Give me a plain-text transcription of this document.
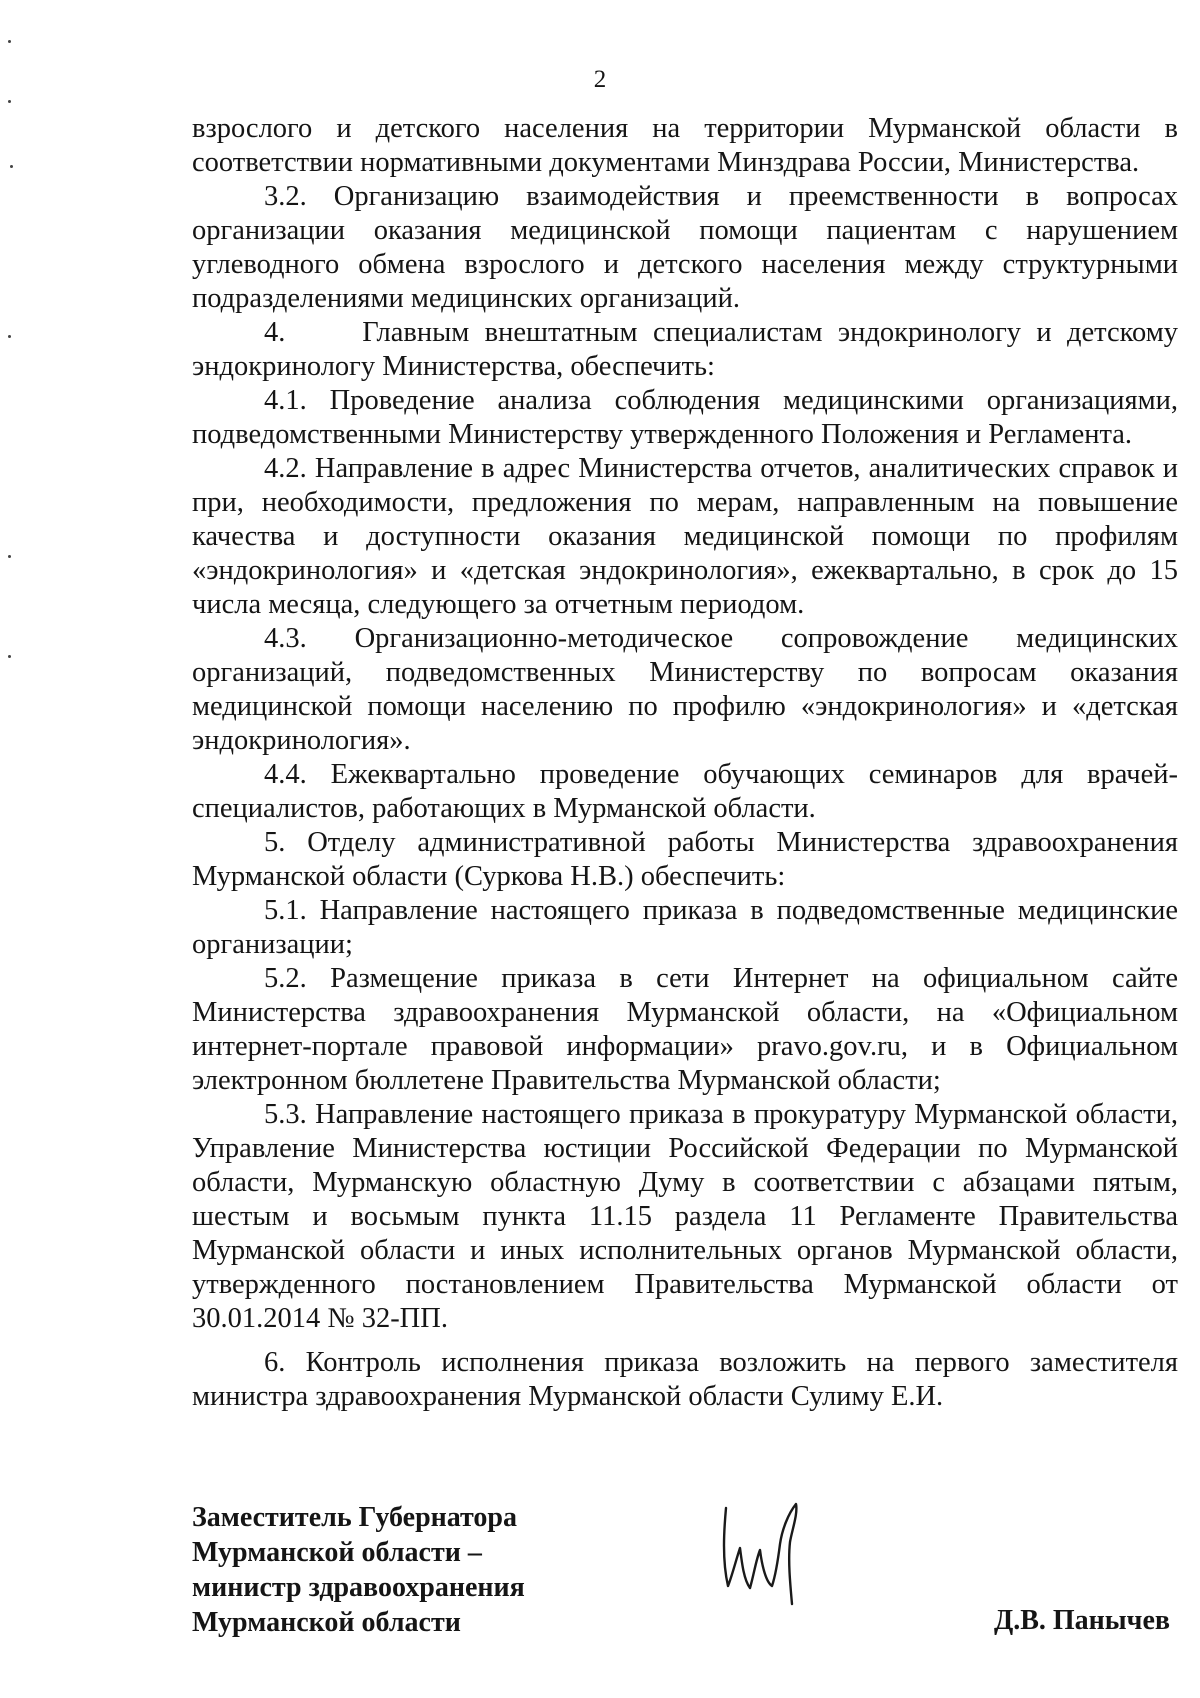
2

взрослого и детского населения на территории Мурманской области в соответствии нормативными документами Минздрава России, Министерства.

3.2. Организацию взаимодействия и преемственности в вопросах организации оказания медицинской помощи пациентам с нарушением углеводного обмена взрослого и детского населения между структурными подразделениями медицинских организаций.

4.     Главным внештатным специалистам эндокринологу и детскому эндокринологу Министерства, обеспечить:

4.1. Проведение анализа соблюдения медицинскими организациями, подведомственными Министерству утвержденного Положения и Регламента.

4.2. Направление в адрес Министерства отчетов, аналитических справок и при, необходимости, предложения по мерам, направленным на повышение качества и доступности оказания медицинской помощи по профилям «эндокринология» и «детская эндокринология», ежеквартально, в срок до 15 числа месяца, следующего за отчетным периодом.

4.3. Организационно-методическое сопровождение медицинских организаций, подведомственных Министерству по вопросам оказания медицинской помощи населению по профилю «эндокринология» и «детская эндокринология».

4.4. Ежеквартально проведение обучающих семинаров для врачей-специалистов, работающих в Мурманской области.

5. Отделу административной работы Министерства здравоохранения Мурманской области (Суркова Н.В.) обеспечить:

5.1. Направление настоящего приказа в подведомственные медицинские организации;

5.2. Размещение приказа в сети Интернет на официальном сайте Министерства здравоохранения Мурманской области, на «Официальном интернет-портале правовой информации» pravo.gov.ru, и в Официальном электронном бюллетене Правительства Мурманской области;

5.3. Направление настоящего приказа в прокуратуру Мурманской области, Управление Министерства юстиции Российской Федерации по Мурманской области, Мурманскую областную Думу в соответствии с абзацами пятым, шестым и восьмым пункта 11.15 раздела 11 Регламенте Правительства Мурманской области и иных исполнительных органов Мурманской области, утвержденного постановлением Правительства Мурманской области от 30.01.2014 № 32-ПП.

6. Контроль исполнения приказа возложить на первого заместителя министра здравоохранения Мурманской области Сулиму Е.И.

Заместитель Губернатора
Мурманской области –
министр здравоохранения
Мурманской области	Д.В. Панычев
